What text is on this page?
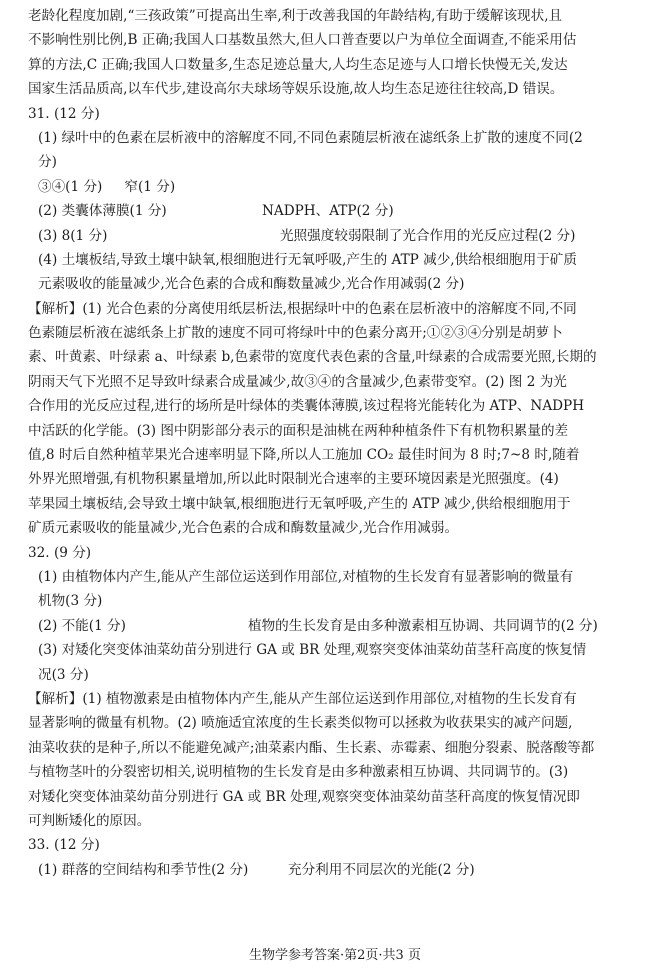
老龄化程度加剧,“三孩政策”可提高出生率,利于改善我国的年龄结构,有助于缓解该现状,且
不影响性别比例,B 正确;我国人口基数虽然大,但人口普查要以户为单位全面调查,不能采用估
算的方法,C 正确;我国人口数量多,生态足迹总量大,人均生态足迹与人口增长快慢无关,发达
国家生活品质高,以车代步,建设高尔夫球场等娱乐设施,故人均生态足迹往往较高,D 错误。
31. (12 分)
(1) 绿叶中的色素在层析液中的溶解度不同,不同色素随层析液在滤纸条上扩散的速度不同(2
分)
③④(1 分) 窄(1 分)
(2) 类囊体薄膜(1 分)	NADPH、ATP(2 分)
(3) 8(1 分)	光照强度较弱限制了光合作用的光反应过程(2 分)
(4) 土壤板结,导致土壤中缺氧,根细胞进行无氧呼吸,产生的 ATP 减少,供给根细胞用于矿质
元素吸收的能量减少,光合色素的合成和酶数量减少,光合作用减弱(2 分)
【解析】(1) 光合色素的分离使用纸层析法,根据绿叶中的色素在层析液中的溶解度不同,不同
色素随层析液在滤纸条上扩散的速度不同可将绿叶中的色素分离开;①②③④分别是胡萝卜
素、叶黄素、叶绿素 a、叶绿素 b,色素带的宽度代表色素的含量,叶绿素的合成需要光照,长期的
阴雨天气下光照不足导致叶绿素合成量减少,故③④的含量减少,色素带变窄。(2) 图 2 为光
合作用的光反应过程,进行的场所是叶绿体的类囊体薄膜,该过程将光能转化为 ATP、NADPH
中活跃的化学能。(3) 图中阴影部分表示的面积是油桃在两种种植条件下有机物积累量的差
值,8 时后自然种植苹果光合速率明显下降,所以人工施加 CO₂ 最佳时间为 8 时;7~8 时,随着
外界光照增强,有机物积累量增加,所以此时限制光合速率的主要环境因素是光照强度。(4)
苹果园土壤板结,会导致土壤中缺氧,根细胞进行无氧呼吸,产生的 ATP 减少,供给根细胞用于
矿质元素吸收的能量减少,光合色素的合成和酶数量减少,光合作用减弱。
32. (9 分)
(1) 由植物体内产生,能从产生部位运送到作用部位,对植物的生长发育有显著影响的微量有
机物(3 分)
(2) 不能(1 分)	植物的生长发育是由多种激素相互协调、共同调节的(2 分)
(3) 对矮化突变体油菜幼苗分别进行 GA 或 BR 处理,观察突变体油菜幼苗茎秆高度的恢复情
况(3 分)
【解析】(1) 植物激素是由植物体内产生,能从产生部位运送到作用部位,对植物的生长发育有
显著影响的微量有机物。(2) 喷施适宜浓度的生长素类似物可以拯救为收获果实的减产问题,
油菜收获的是种子,所以不能避免减产;油菜素内酯、生长素、赤霉素、细胞分裂素、脱落酸等都
与植物茎叶的分裂密切相关,说明植物的生长发育是由多种激素相互协调、共同调节的。(3)
对矮化突变体油菜幼苗分别进行 GA 或 BR 处理,观察突变体油菜幼苗茎秆高度的恢复情况即
可判断矮化的原因。
33. (12 分)
(1) 群落的空间结构和季节性(2 分)	充分利用不同层次的光能(2 分)
生物学参考答案·第2页·共3 页
